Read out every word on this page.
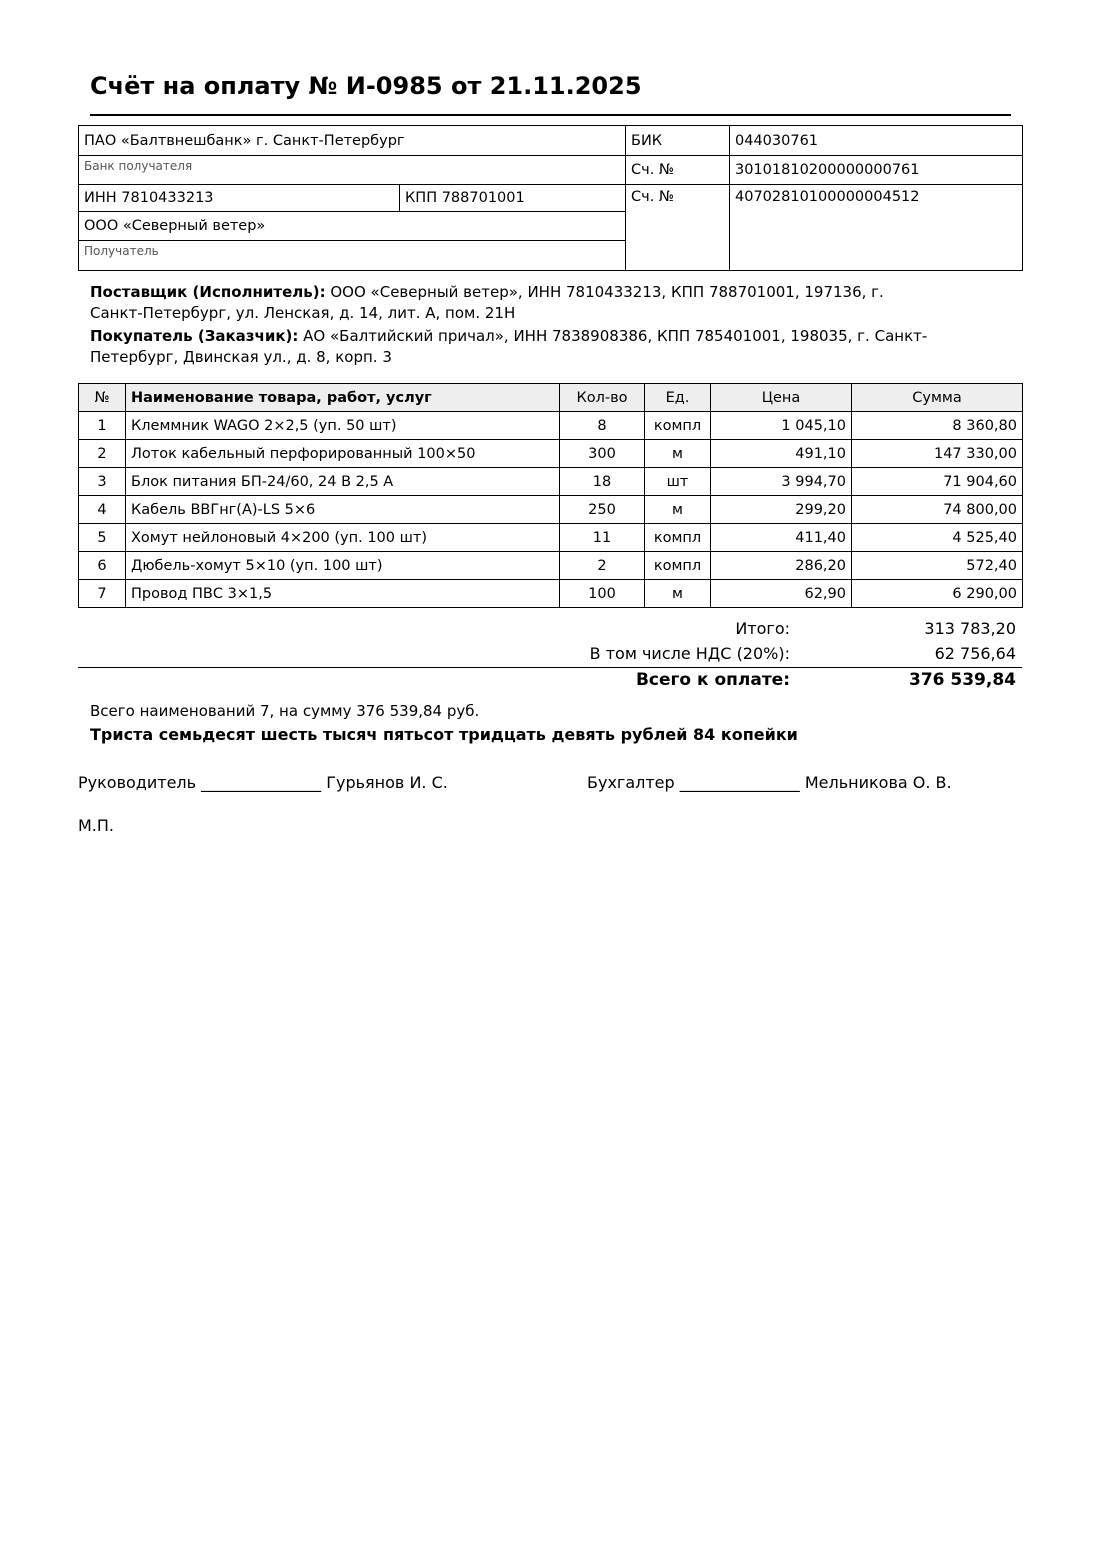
Счёт на оплату № И-0985 от 21.11.2025
ПАО «Балтвнешбанк» г. Санкт-Петербург		БИК	044030761
Банк получателя		Сч. №	30101810200000000761
ИНН 7810433213	КПП 788701001	Сч. №	40702810100000004512
ООО «Северный ветер»			
Получатель			

Поставщик (Исполнитель): ООО «Северный ветер», ИНН 7810433213, КПП 788701001, 197136, г. Санкт-Петербург, ул. Ленская, д. 14, лит. А, пом. 21Н

Покупатель (Заказчик): АО «Балтийский причал», ИНН 7838908386, КПП 785401001, 198035, г. Санкт-Петербург, Двинская ул., д. 8, корп. 3

№	Наименование товара, работ, услуг	Кол-во	Ед.	Цена	Сумма
1	Клеммник WAGO 2×2,5 (уп. 50 шт)	8	компл	1 045,10	8 360,80
2	Лоток кабельный перфорированный 100×50	300	м	491,10	147 330,00
3	Блок питания БП-24/60, 24 В 2,5 А	18	шт	3 994,70	71 904,60
4	Кабель ВВГнг(А)-LS 5×6	250	м	299,20	74 800,00
5	Хомут нейлоновый 4×200 (уп. 100 шт)	11	компл	411,40	4 525,40
6	Дюбель-хомут 5×10 (уп. 100 шт)	2	компл	286,20	572,40
7	Провод ПВС 3×1,5	100	м	62,90	6 290,00
Итого:	313 783,20
В том числе НДС (20%):	62 756,64
Всего к оплате:	376 539,84
Всего наименований 7, на сумму 376 539,84 руб.
Триста семьдесят шесть тысяч пятьсот тридцать девять рублей 84 копейки
Руководитель _______________ Гурьянов И. С.	Бухгалтер _______________ Мельникова О. В.
М.П.
